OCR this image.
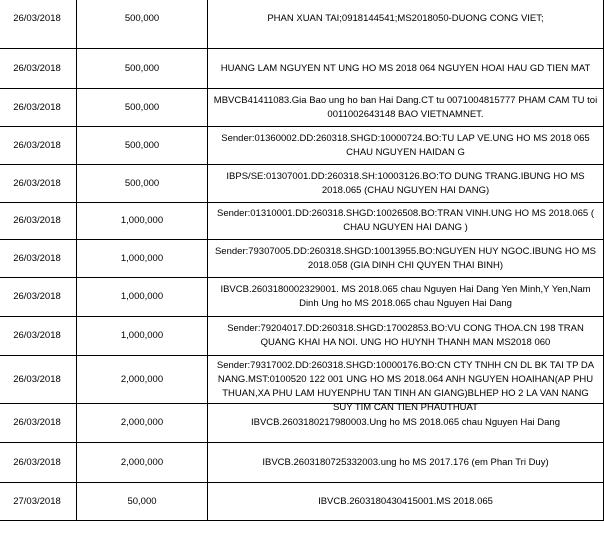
26/03/2018	500,000	PHAN XUAN TAI;0918144541;MS2018050-DUONG CONG VIET;
26/03/2018	500,000	HUANG LAM NGUYEN NT UNG HO MS 2018 064 NGUYEN HOAI HAU GD TIEN MAT
26/03/2018	500,000	MBVCB41411083.Gia Bao ung ho ban Hai Dang.CT tu 0071004815777 PHAM CAM TU toi 0011002643148 BAO VIETNAMNET.
26/03/2018	500,000	Sender:01360002.DD:260318.SHGD:10000724.BO:TU LAP VE.UNG HO MS 2018 065 CHAU NGUYEN HAIDAN G
26/03/2018	500,000	IBPS/SE:01307001.DD:260318.SH:10003126.BO:TO DUNG TRANG.IBUNG HO MS 2018.065 (CHAU NGUYEN HAI DANG)
26/03/2018	1,000,000	Sender:01310001.DD:260318.SHGD:10026508.BO:TRAN VINH.UNG HO MS 2018.065 ( CHAU NGUYEN HAI DANG )
26/03/2018	1,000,000	Sender:79307005.DD:260318.SHGD:10013955.BO:NGUYEN HUY NGOC.IBUNG HO MS 2018.058 (GIA DINH CHI QUYEN THAI BINH)
26/03/2018	1,000,000	IBVCB.2603180002329001. MS 2018.065 chau Nguyen Hai Dang Yen Minh,Y Yen,Nam Dinh Ung ho MS 2018.065 chau Nguyen Hai Dang
26/03/2018	1,000,000	Sender:79204017.DD:260318.SHGD:17002853.BO:VU CONG THOA.CN 198 TRAN QUANG KHAI HA NOI. UNG HO HUYNH THANH MAN MS2018 060
26/03/2018	2,000,000	Sender:79317002.DD:260318.SHGD:10000176.BO:CN CTY TNHH CN DL BK TAI TP DA NANG.MST:0100520 122 001 UNG HO MS 2018.064 ANH NGUYEN HOAIHAN(AP PHU THUAN,XA PHU LAM HUYENPHU TAN TINH AN GIANG)BLHEP HO 2 LA VAN NANG SUY TIM CAN TIEN PHAUTHUAT

26/03/2018	2,000,000	IBVCB.2603180217980003.Ung ho MS 2018.065 chau Nguyen Hai Dang
26/03/2018	2,000,000	IBVCB.2603180725332003.ung ho MS 2017.176 (em Phan Tri Duy)
27/03/2018	50,000	IBVCB.2603180430415001.MS 2018.065
